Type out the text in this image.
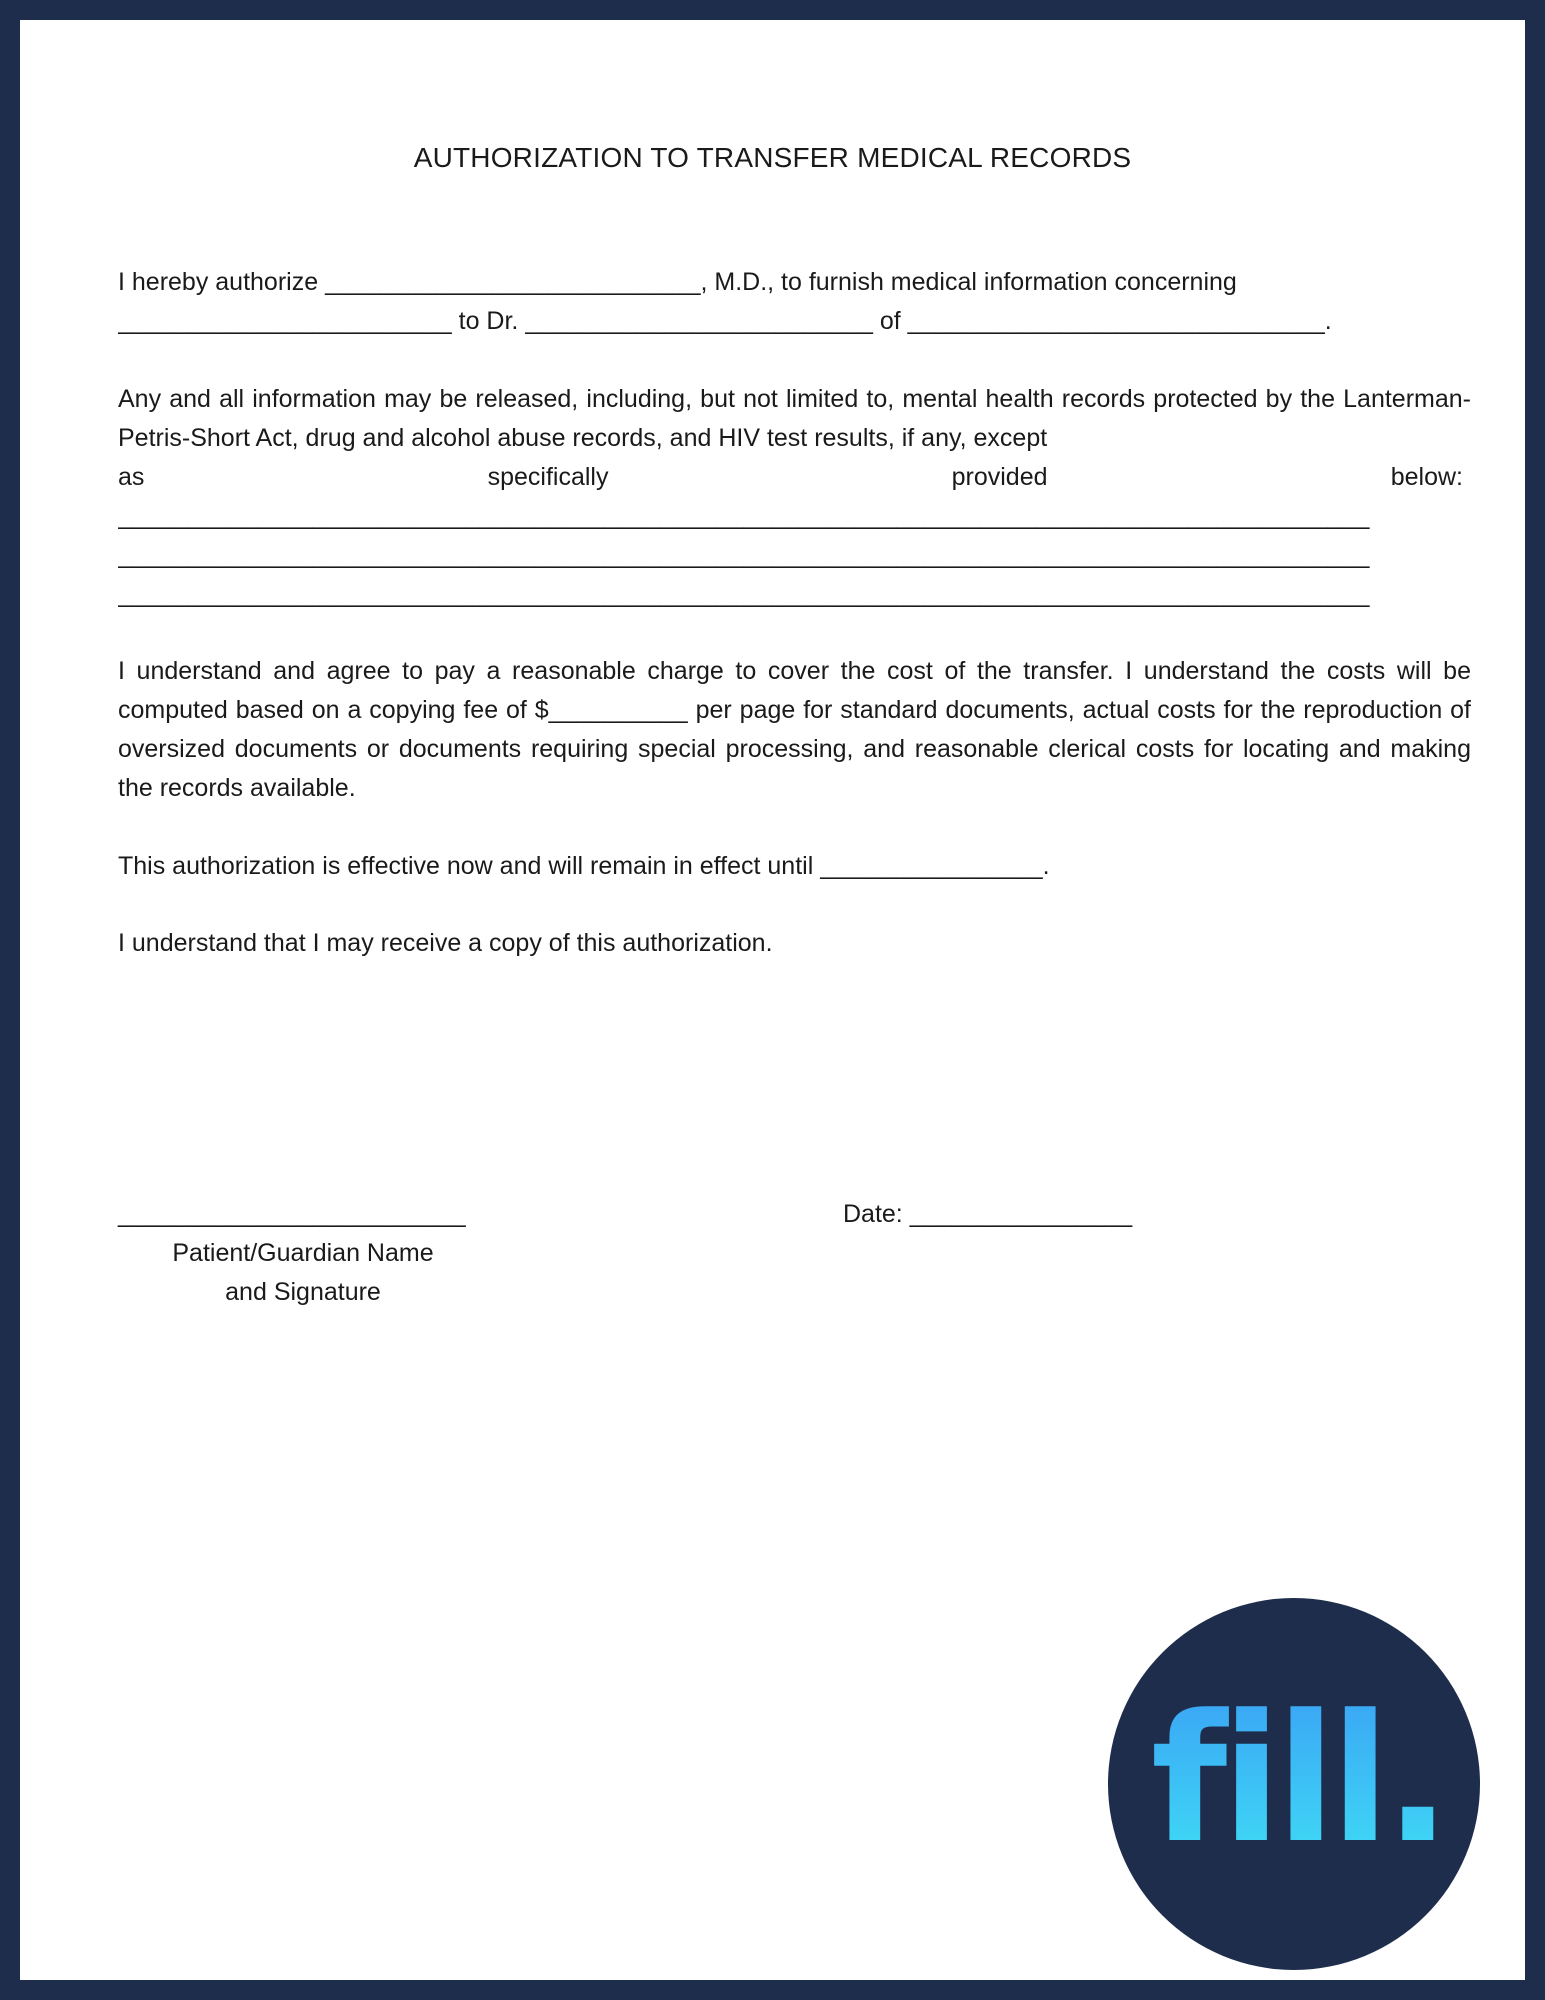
AUTHORIZATION TO TRANSFER MEDICAL RECORDS

I hereby authorize ___________________________, M.D., to furnish medical information concerning
________________________ to Dr. _________________________ of ______________________________.

Any and all information may be released, including, but not limited to, mental health records protected by the Lanterman-Petris-Short Act, drug and alcohol abuse records, and HIV test results, if any, except
as	specifically	provided	below:
__________________________________________________________________________________________
__________________________________________________________________________________________
__________________________________________________________________________________________

I understand and agree to pay a reasonable charge to cover the cost of the transfer. I understand the costs will be computed based on a copying fee of $__________ per page for standard documents, actual costs for the reproduction of oversized documents or documents requiring special processing, and reasonable clerical costs for locating and making the records available.

This authorization is effective now and will remain in effect until ________________.

I understand that I may receive a copy of this authorization.

_________________________
Patient/Guardian Name
and Signature
Date: ________________
fill.
